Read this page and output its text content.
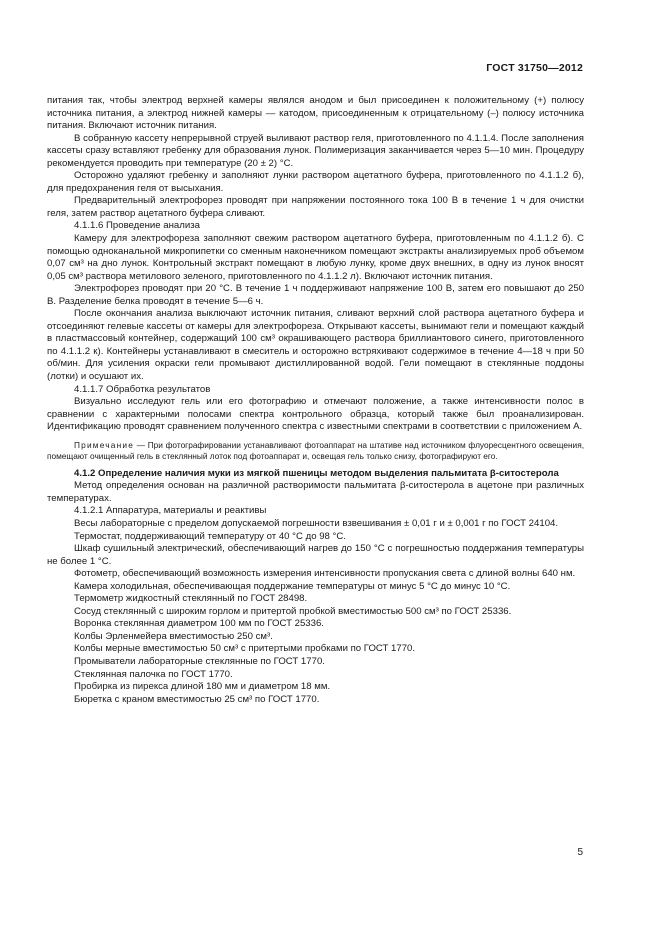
ГОСТ 31750—2012

питания так, чтобы электрод верхней камеры являлся анодом и был присоединен к положительному (+) полюсу источника питания, а электрод нижней камеры — катодом, присоединенным к отрицательному (–) полюсу источника питания. Включают источник питания.

В собранную кассету непрерывной струей выливают раствор геля, приготовленного по 4.1.1.4. После заполнения кассеты сразу вставляют гребенку для образования лунок. Полимеризация заканчивается через 5—10 мин. Процедуру рекомендуется проводить при температуре (20 ± 2) °С.

Осторожно удаляют гребенку и заполняют лунки раствором ацетатного буфера, приготовленного по 4.1.1.2 б), для предохранения геля от высыхания.

Предварительный электрофорез проводят при напряжении постоянного тока 100 В в течение 1 ч для очистки геля, затем раствор ацетатного буфера сливают.

4.1.1.6 Проведение анализа

Камеру для электрофореза заполняют свежим раствором ацетатного буфера, приготовленным по 4.1.1.2 б). С помощью одноканальной микропипетки со сменным наконечником помещают экстракты анализируемых проб объемом 0,07 см³ на дно лунок. Контрольный экстракт помещают в любую лунку, кроме двух внешних, в одну из лунок вносят 0,05 см³ раствора метилового зеленого, приготовленного по 4.1.1.2 л). Включают источник питания.

Электрофорез проводят при 20 °С. В течение 1 ч поддерживают напряжение 100 В, затем его повышают до 250 В. Разделение белка проводят в течение 5—6 ч.

После окончания анализа выключают источник питания, сливают верхний слой раствора ацетатного буфера и отсоединяют гелевые кассеты от камеры для электрофореза. Открывают кассеты, вынимают гели и помещают каждый в пластмассовый контейнер, содержащий 100 см³ окрашивающего раствора бриллиантового синего, приготовленного по 4.1.1.2 к). Контейнеры устанавливают в смеситель и осторожно встряхивают содержимое в течение 4—18 ч при 50 об/мин. Для усиления окраски гели промывают дистиллированной водой. Гели помещают в стеклянные поддоны (лотки) и осушают их.

4.1.1.7 Обработка результатов

Визуально исследуют гель или его фотографию и отмечают положение, а также интенсивности полос в сравнении с характерными полосами спектра контрольного образца, который также был проанализирован. Идентификацию проводят сравнением полученного спектра с известными спектрами в соответствии с приложением А.

Примечание — При фотографировании устанавливают фотоаппарат на штативе над источником флуоресцентного освещения, помещают очищенный гель в стеклянный лоток под фотоаппарат и, освещая гель только снизу, фотографируют его.

4.1.2 Определение наличия муки из мягкой пшеницы методом выделения пальмитата β-ситостерола

Метод определения основан на различной растворимости пальмитата β-ситостерола в ацетоне при различных температурах.

4.1.2.1 Аппаратура, материалы и реактивы

Весы лабораторные с пределом допускаемой погрешности взвешивания ± 0,01 г и ± 0,001 г по ГОСТ 24104.

Термостат, поддерживающий температуру от 40 °С до 98 °С.

Шкаф сушильный электрический, обеспечивающий нагрев до 150 °С с погрешностью поддержания температуры не более 1 °С.

Фотометр, обеспечивающий возможность измерения интенсивности пропускания света с длиной волны 640 нм.

Камера холодильная, обеспечивающая поддержание температуры от минус 5 °С до минус 10 °С.

Термометр жидкостный стеклянный по ГОСТ 28498.

Сосуд стеклянный с широким горлом и притертой пробкой вместимостью 500 см³ по ГОСТ 25336.

Воронка стеклянная диаметром 100 мм по ГОСТ 25336.

Колбы Эрленмейера вместимостью 250 см³.

Колбы мерные вместимостью 50 см³ с притертыми пробками по ГОСТ 1770.

Промыватели лабораторные стеклянные по ГОСТ 1770.

Стеклянная палочка по ГОСТ 1770.

Пробирка из пирекса длиной 180 мм и диаметром 18 мм.

Бюретка с краном вместимостью 25 см³ по ГОСТ 1770.

5
